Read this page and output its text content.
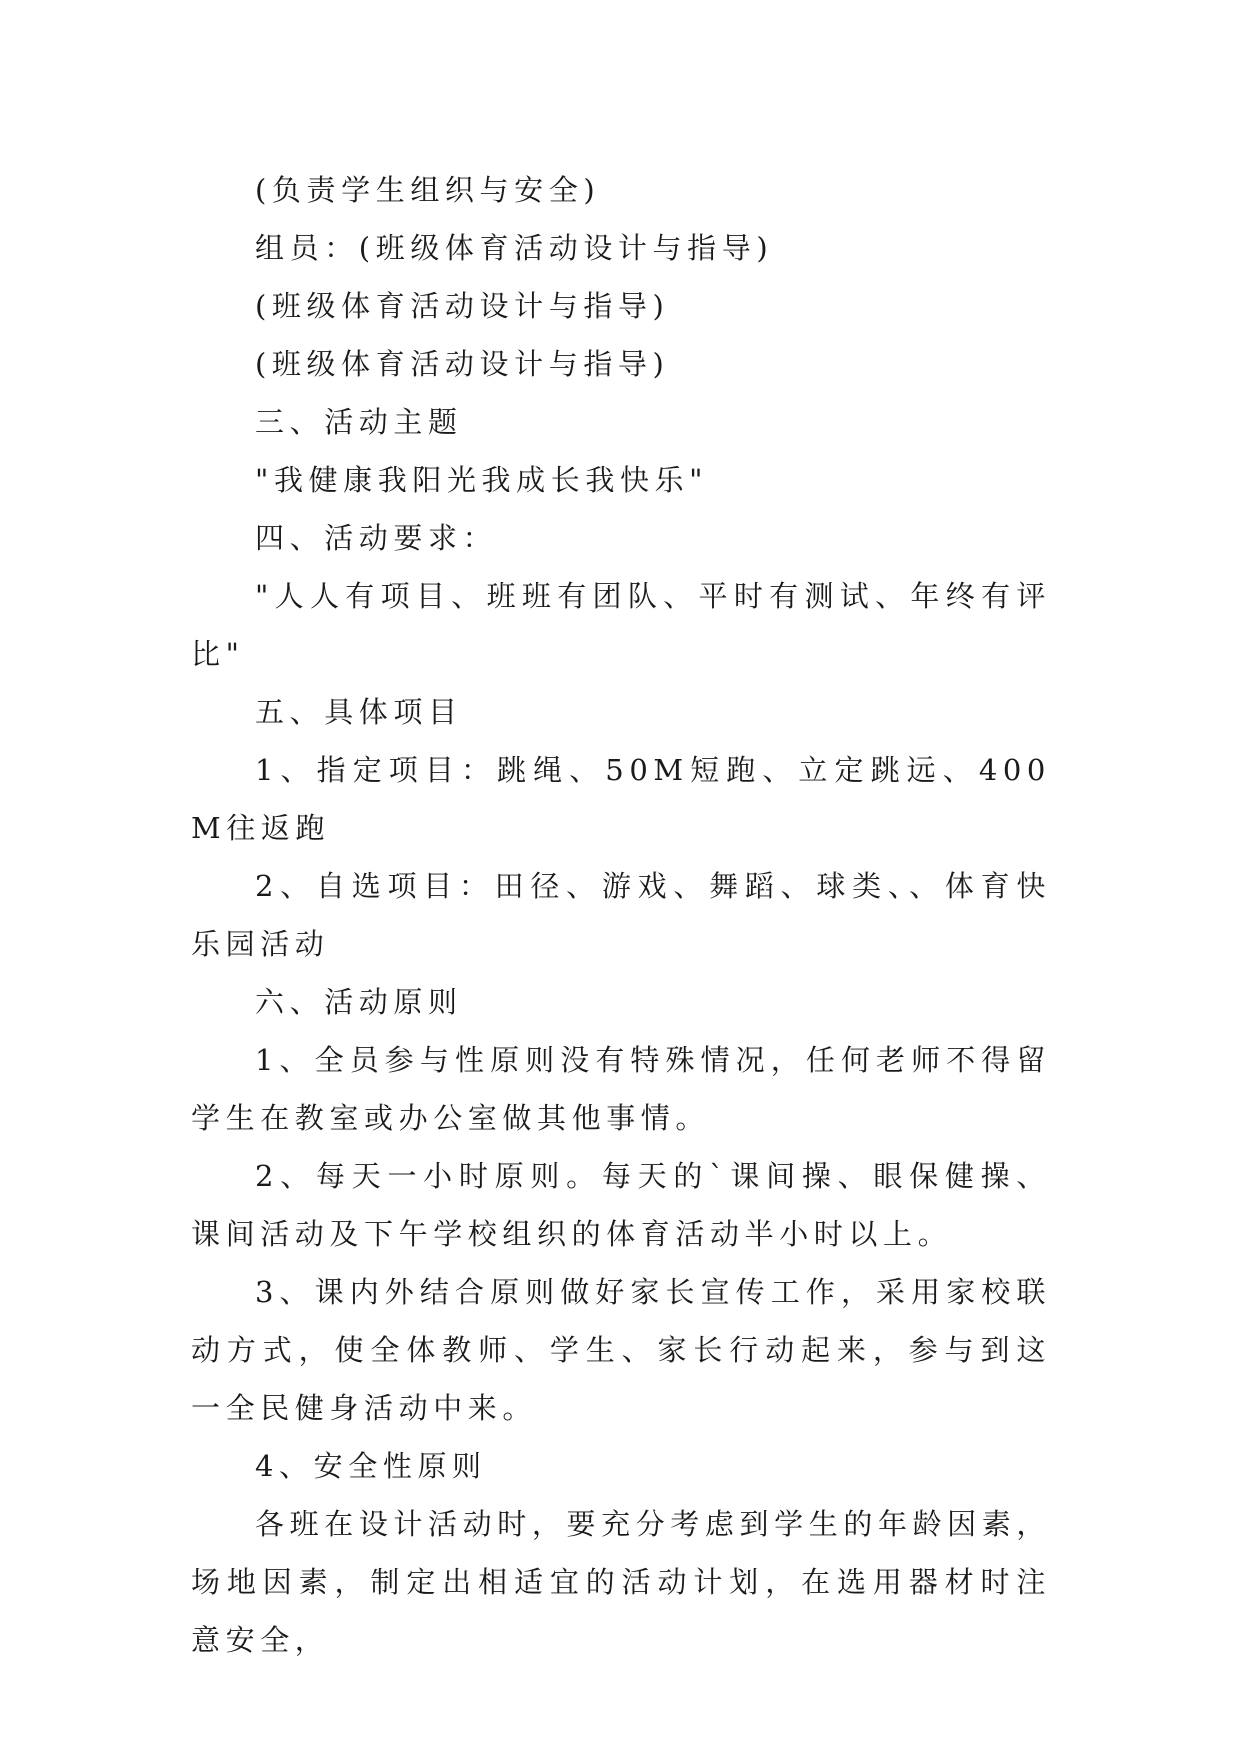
(负责学生组织与安全)

组员：(班级体育活动设计与指导)

(班级体育活动设计与指导)

(班级体育活动设计与指导)

三、活动主题

"我健康我阳光我成长我快乐"

四、活动要求：

"人人有项目、班班有团队、平时有测试、年终有评比"

五、具体项目

1、指定项目：跳绳、50M短跑、立定跳远、400M往返跑

2、自选项目：田径、游戏、舞蹈、球类、、体育快乐园活动

六、活动原则

1、全员参与性原则没有特殊情况，任何老师不得留学生在教室或办公室做其他事情。

2、每天一小时原则。每天的`课间操、眼保健操、课间活动及下午学校组织的体育活动半小时以上。

3、课内外结合原则做好家长宣传工作，采用家校联动方式，使全体教师、学生、家长行动起来，参与到这一全民健身活动中来。

4、安全性原则

各班在设计活动时，要充分考虑到学生的年龄因素，场地因素，制定出相适宜的活动计划，在选用器材时注意安全，
